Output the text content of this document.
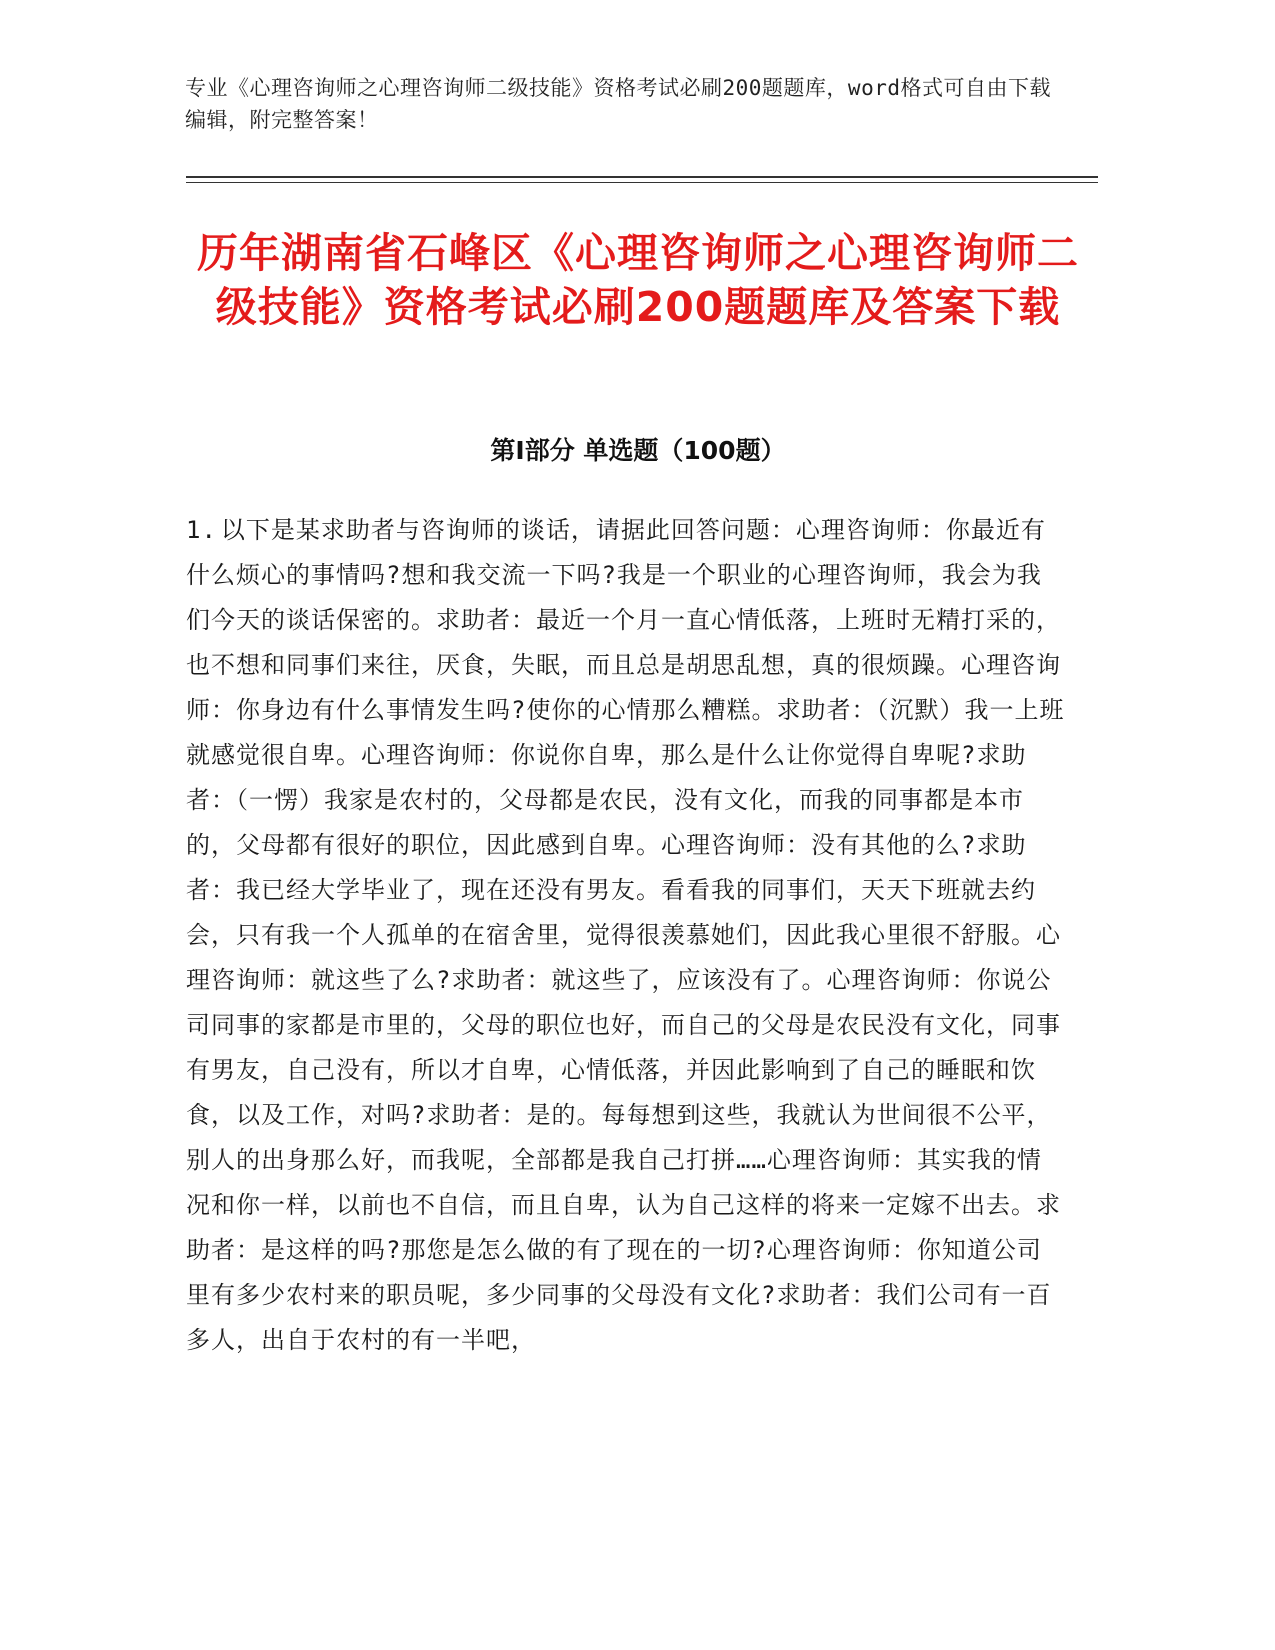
专业《心理咨询师之心理咨询师二级技能》资格考试必刷200题题库，word格式可自由下载编辑，附完整答案！
历年湖南省石峰区《心理咨询师之心理咨询师二级技能》资格考试必刷200题题库及答案下载
第Ⅰ部分 单选题（100题）
1. 以下是某求助者与咨询师的谈话，请据此回答问题：心理咨询师：你最近有什么烦心的事情吗?想和我交流一下吗?我是一个职业的心理咨询师，我会为我们今天的谈话保密的。求助者：最近一个月一直心情低落，上班时无精打采的，也不想和同事们来往，厌食，失眠，而且总是胡思乱想，真的很烦躁。心理咨询师：你身边有什么事情发生吗?使你的心情那么糟糕。求助者：（沉默）我一上班就感觉很自卑。心理咨询师：你说你自卑，那么是什么让你觉得自卑呢?求助者：（一愣）我家是农村的，父母都是农民，没有文化，而我的同事都是本市的，父母都有很好的职位，因此感到自卑。心理咨询师：没有其他的么?求助者：我已经大学毕业了，现在还没有男友。看看我的同事们，天天下班就去约会，只有我一个人孤单的在宿舍里，觉得很羡慕她们，因此我心里很不舒服。心理咨询师：就这些了么?求助者：就这些了，应该没有了。心理咨询师：你说公司同事的家都是市里的，父母的职位也好，而自己的父母是农民没有文化，同事有男友，自己没有，所以才自卑，心情低落，并因此影响到了自己的睡眠和饮食，以及工作，对吗?求助者：是的。每每想到这些，我就认为世间很不公平，别人的出身那么好，而我呢，全部都是我自己打拼……心理咨询师：其实我的情况和你一样，以前也不自信，而且自卑，认为自己这样的将来一定嫁不出去。求助者：是这样的吗?那您是怎么做的有了现在的一切?心理咨询师：你知道公司里有多少农村来的职员呢，多少同事的父母没有文化?求助者：我们公司有一百多人，出自于农村的有一半吧，
